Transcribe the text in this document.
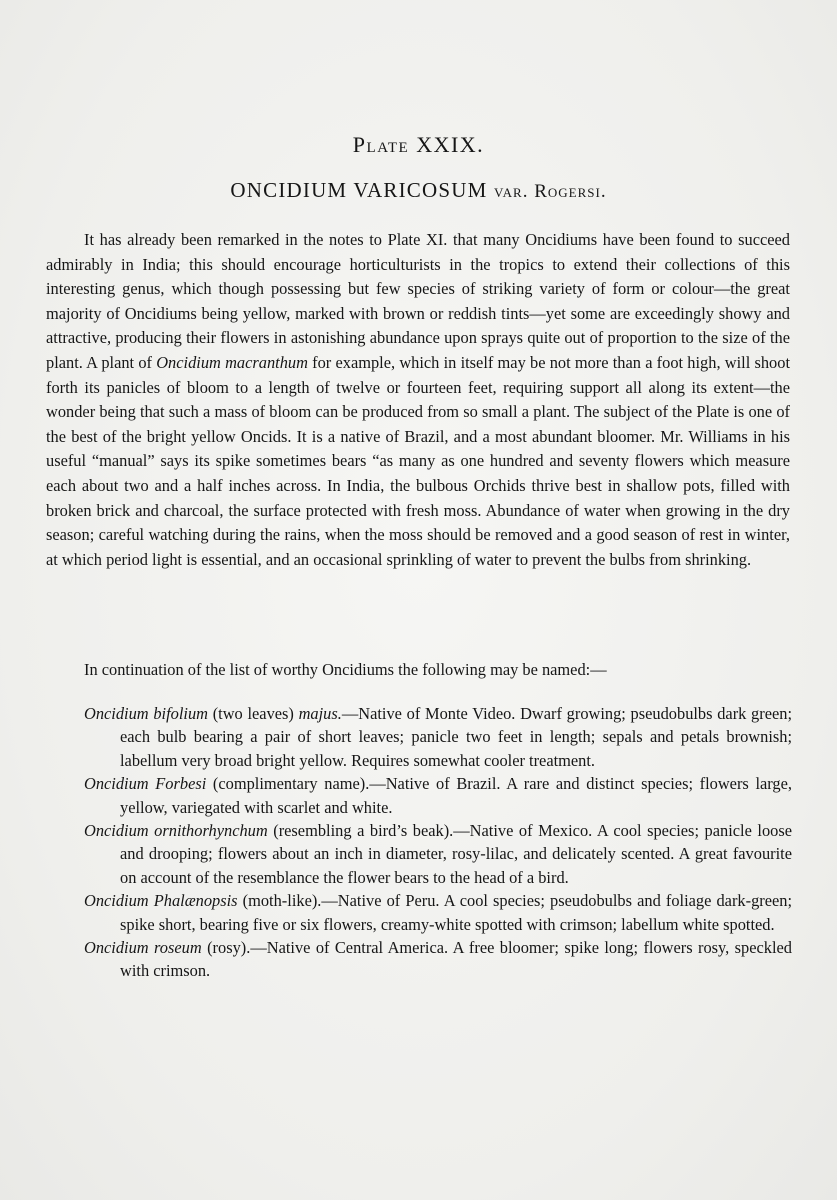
Plate XXIX.
ONCIDIUM VARICOSUM var. Rogersi.

It has already been remarked in the notes to Plate XI. that many Oncidiums have been found to succeed admirably in India; this should encourage horticulturists in the tropics to extend their collections of this interesting genus, which though possessing but few species of striking variety of form or colour—the great majority of Oncidiums being yellow, marked with brown or reddish tints—yet some are exceedingly showy and attractive, producing their flowers in astonishing abundance upon sprays quite out of proportion to the size of the plant. A plant of Oncidium macranthum for example, which in itself may be not more than a foot high, will shoot forth its panicles of bloom to a length of twelve or fourteen feet, requiring support all along its extent—the wonder being that such a mass of bloom can be produced from so small a plant. The subject of the Plate is one of the best of the bright yellow Oncids. It is a native of Brazil, and a most abundant bloomer. Mr. Williams in his useful “manual” says its spike sometimes bears “as many as one hundred and seventy flowers which measure each about two and a half inches across. In India, the bulbous Orchids thrive best in shallow pots, filled with broken brick and charcoal, the surface protected with fresh moss. Abundance of water when growing in the dry season; careful watching during the rains, when the moss should be removed and a good season of rest in winter, at which period light is essential, and an occasional sprinkling of water to prevent the bulbs from shrinking.

In continuation of the list of worthy Oncidiums the following may be named:—

Oncidium bifolium (two leaves) majus.—Native of Monte Video. Dwarf growing; pseudobulbs dark green; each bulb bearing a pair of short leaves; panicle two feet in length; sepals and petals brownish; labellum very broad bright yellow. Requires somewhat cooler treatment.

Oncidium Forbesi (complimentary name).—Native of Brazil. A rare and distinct species; flowers large, yellow, variegated with scarlet and white.

Oncidium ornithorhynchum (resembling a bird’s beak).—Native of Mexico. A cool species; panicle loose and drooping; flowers about an inch in diameter, rosy-lilac, and delicately scented. A great favourite on account of the resemblance the flower bears to the head of a bird.

Oncidium Phalænopsis (moth-like).—Native of Peru. A cool species; pseudobulbs and foliage dark-green; spike short, bearing five or six flowers, creamy-white spotted with crimson; labellum white spotted.

Oncidium roseum (rosy).—Native of Central America. A free bloomer; spike long; flowers rosy, speckled with crimson.
